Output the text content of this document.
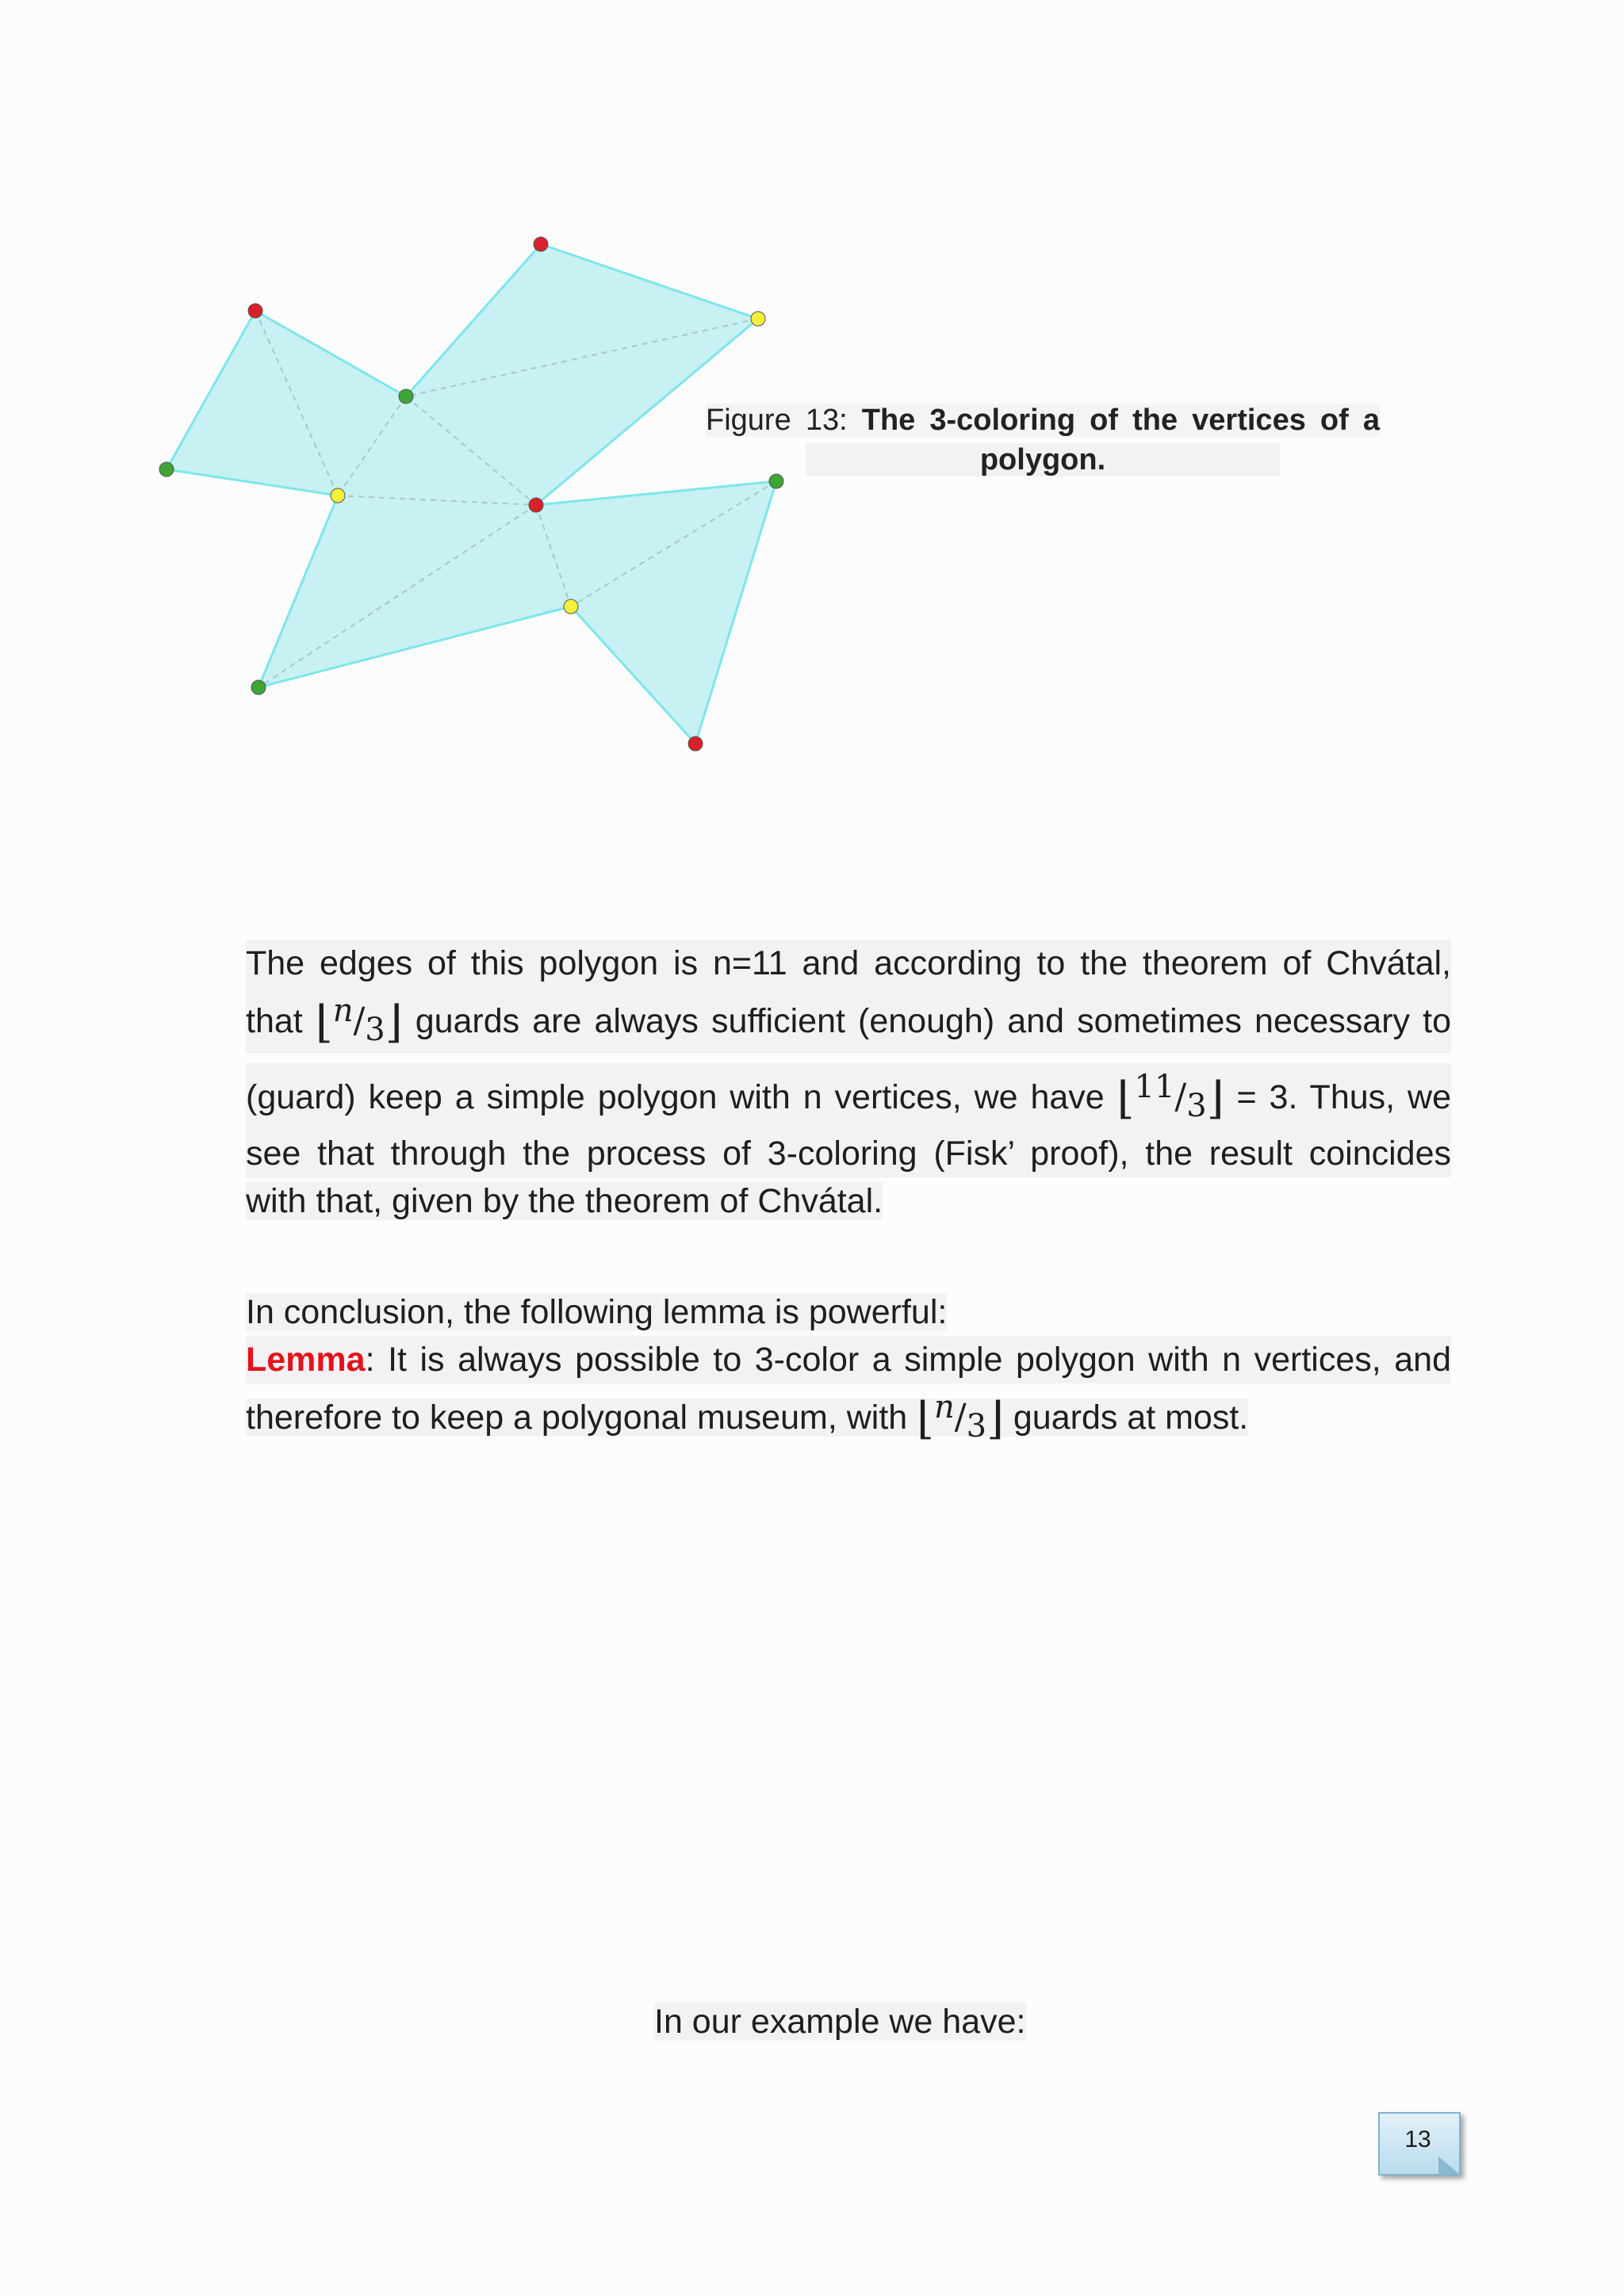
Figure 13: The 3-coloring of the vertices of a
polygon.
The edges of this polygon is n=11 and according to the theorem of Chvátal,
that ⌊n/3⌋ guards are always sufficient (enough) and sometimes necessary to
(guard) keep a simple polygon with n vertices, we have ⌊11/3⌋ = 3. Thus, we
see that through the process of 3-coloring (Fisk’ proof), the result coincides
with that, given by the theorem of Chvátal.
In conclusion, the following lemma is powerful:
Lemma: It is always possible to 3-color a simple polygon with n vertices, and
therefore to keep a polygonal museum, with ⌊n/3⌋ guards at most.
In our example we have:
13
